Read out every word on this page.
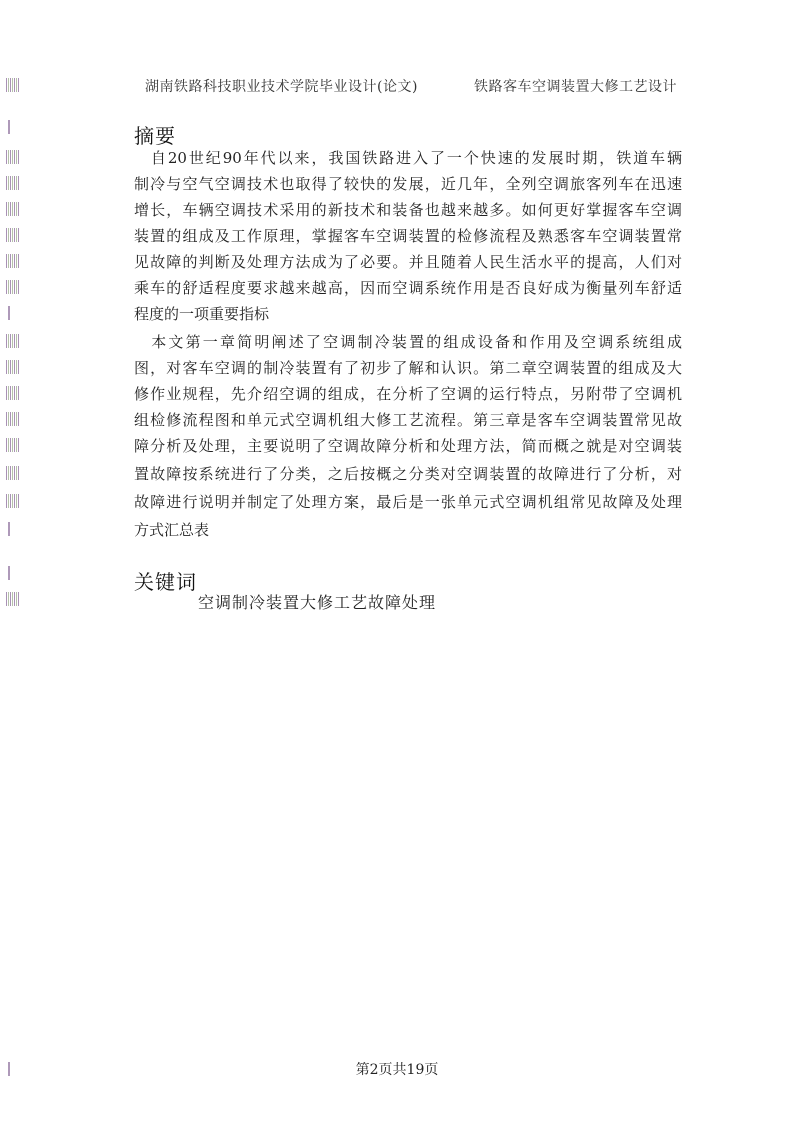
湖南铁路科技职业技术学院毕业设计(论文)	铁路客车空调装置大修工艺设计
摘要
　自20世纪90年代以来，我国铁路进入了一个快速的发展时期，铁道车辆
制冷与空气空调技术也取得了较快的发展，近几年，全列空调旅客列车在迅速
增长，车辆空调技术采用的新技术和装备也越来越多。如何更好掌握客车空调
装置的组成及工作原理，掌握客车空调装置的检修流程及熟悉客车空调装置常
见故障的判断及处理方法成为了必要。并且随着人民生活水平的提高，人们对
乘车的舒适程度要求越来越高，因而空调系统作用是否良好成为衡量列车舒适
程度的一项重要指标
　本文第一章简明阐述了空调制冷装置的组成设备和作用及空调系统组成
图，对客车空调的制冷装置有了初步了解和认识。第二章空调装置的组成及大
修作业规程，先介绍空调的组成，在分析了空调的运行特点，另附带了空调机
组检修流程图和单元式空调机组大修工艺流程。第三章是客车空调装置常见故
障分析及处理，主要说明了空调故障分析和处理方法，简而概之就是对空调装
置故障按系统进行了分类，之后按概之分类对空调装置的故障进行了分析，对
故障进行说明并制定了处理方案，最后是一张单元式空调机组常见故障及处理
方式汇总表
关键词
空调制冷装置大修工艺故障处理
第2页共19页
